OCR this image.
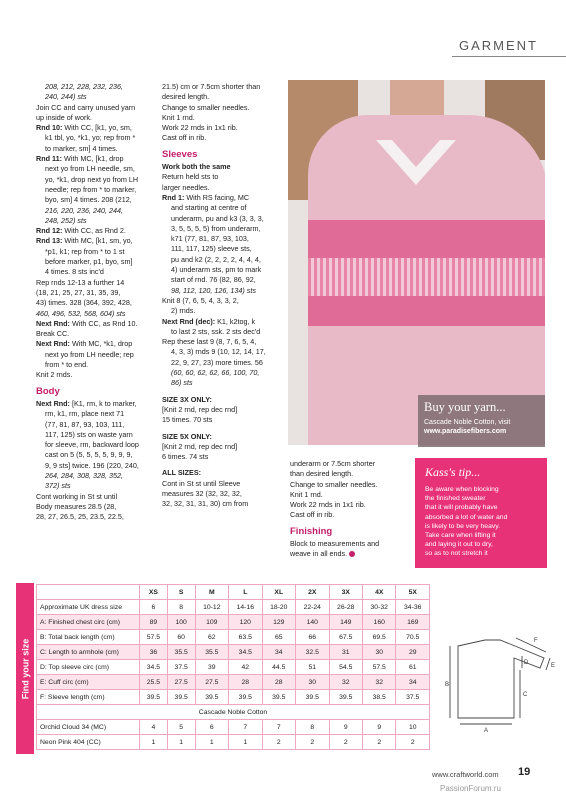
GARMENT

208, 212, 228, 232, 236,

240, 244) sts

Join CC and carry unused yarn

up inside of work.

Rnd 10: With CC, [k1, yo, sm,

k1 tbl, yo, *k1, yo; rep from *

to marker, sm] 4 times.

Rnd 11: With MC, [k1, drop

next yo from LH needle, sm,

yo, *k1, drop next yo from LH

needle; rep from * to marker,

byo, sm] 4 times. 208 (212,

216, 220, 236, 240, 244,

248, 252) sts

Rnd 12: With CC, as Rnd 2.

Rnd 13: With MC, [k1, sm, yo,

*p1, k1; rep from * to 1 st

before marker, p1, byo, sm]

4 times. 8 sts inc'd

Rep rnds 12-13 a further 14

(18, 21, 25, 27, 31, 35, 39,

43) times. 328 (364, 392, 428,

460, 496, 532, 568, 604) sts

Next Rnd: With CC, as Rnd 10.

Break CC.

Next Rnd: With MC, *k1, drop

next yo from LH needle; rep

from * to end.

Knit 2 rnds.

Body

Next Rnd: [K1, rm, k to marker,

rm, k1, rm, place next 71

(77, 81, 87, 93, 103, 111,

117, 125) sts on waste yarn

for sleeve, rm, backward loop

cast on 5 (5, 5, 5, 5, 9, 9, 9,

9, 9 sts] twice. 196 (220, 240,

264, 284, 308, 328, 352,

372) sts

Cont working in St st until

Body measures 28.5 (28,

28, 27, 26.5, 25, 23.5, 22.5,

21.5) cm or 7.5cm shorter than

desired length.

Change to smaller needles.

Knit 1 rnd.

Work 22 rnds in 1x1 rib.

Cast off in rib.

Sleeves

Work both the same

Return held sts to

larger needles.

Rnd 1: With RS facing, MC

and starting at centre of

underarm, pu and k3 (3, 3, 3,

3, 5, 5, 5, 5) from underarm,

k71 (77, 81, 87, 93, 103,

111, 117, 125) sleeve sts,

pu and k2 (2, 2, 2, 2, 4, 4, 4,

4) underarm sts, pm to mark

start of rnd. 76 (82, 86, 92,

98, 112, 120, 126, 134) sts

Knit 8 (7, 6, 5, 4, 3, 3, 2,

2) rnds.

Next Rnd (dec): K1, k2tog, k

to last 2 sts, ssk. 2 sts dec'd

Rep these last 9 (8, 7, 6, 5, 4,

4, 3, 3) rnds 9 (10, 12, 14, 17,

22, 9, 27, 23) more times. 56

(60, 60, 62, 62, 66, 100, 70,

86) sts

SIZE 3X ONLY:

[Knit 2 rnd, rep dec rnd]

15 times. 70 sts

SIZE 5X ONLY:

[Knit 2 rnd, rep dec rnd]

6 times. 74 sts

ALL SIZES:

Cont in St st until Sleeve

measures 32 (32, 32, 32,

32, 32, 31, 31, 30) cm from

Buy your yarn...
Cascade Noble Cotton, visit
www.paradisefibers.com

underarm or 7.5cm shorter

than desired length.

Change to smaller needles.

Knit 1 rnd.

Work 22 rnds in 1x1 rib.

Cast off in rib.

Finishing

Block to measurements and

weave in all ends.

Kass's tip...
Be aware when blocking
the finished sweater
that it will probably have
absorbed a lot of water and
is likely to be very heavy.
Take care when lifting it
and laying it out to dry,
so as to not stretch it
Find your size
	XS	S	M	L	XL	2X	3X	4X	5X
Approximate UK dress size	6	8	10-12	14-16	18-20	22-24	26-28	30-32	34-36
A: Finished chest circ (cm)	89	100	109	120	129	140	149	160	169
B: Total back length (cm)	57.5	60	62	63.5	65	66	67.5	69.5	70.5
C: Length to armhole (cm)	36	35.5	35.5	34.5	34	32.5	31	30	29
D: Top sleeve circ (cm)	34.5	37.5	39	42	44.5	51	54.5	57.5	61
E: Cuff circ (cm)	25.5	27.5	27.5	28	28	30	32	32	34
F: Sleeve length (cm)	39.5	39.5	39.5	39.5	39.5	39.5	39.5	38.5	37.5
Cascade Noble Cotton									
Orchid Cloud 34 (MC)	4	5	6	7	7	8	9	9	10
Neon Pink 404 (CC)	1	1	1	1	2	2	2	2	2
B
C
A
F
D	E
www.craftworld.com 19
PassionForum.ru
